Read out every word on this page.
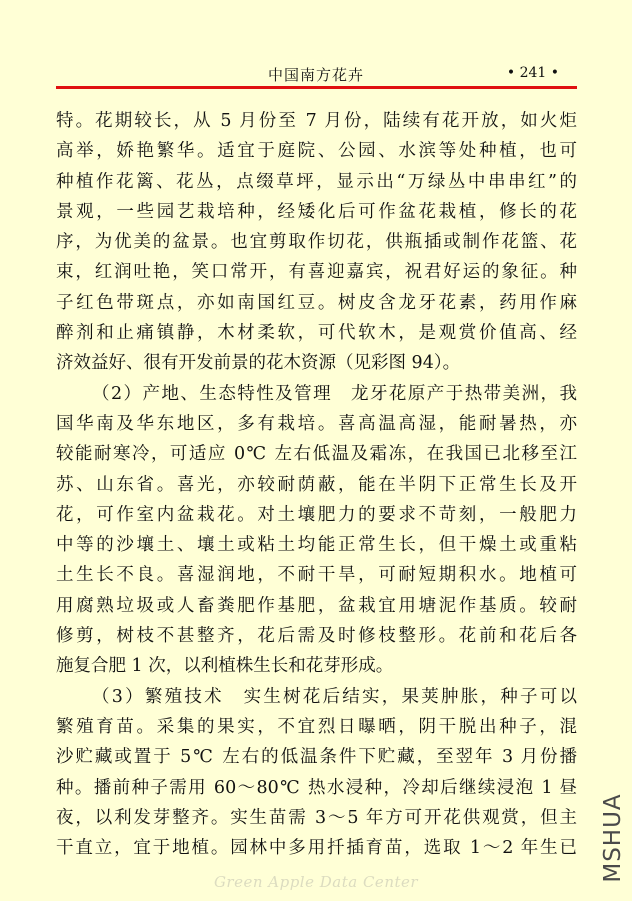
中国南方花卉	• 241 •
特。花期较长，从 5 月份至 7 月份，陆续有花开放，如火炬
高举，娇艳繁华。适宜于庭院、公园、水滨等处种植，也可
种植作花篱、花丛，点缀草坪，显示出“万绿丛中串串红”的
景观，一些园艺栽培种，经矮化后可作盆花栽植，修长的花
序，为优美的盆景。也宜剪取作切花，供瓶插或制作花篮、花
束，红润吐艳，笑口常开，有喜迎嘉宾，祝君好运的象征。种
子红色带斑点，亦如南国红豆。树皮含龙牙花素，药用作麻
醉剂和止痛镇静，木材柔软，可代软木，是观赏价值高、经
济效益好、很有开发前景的花木资源（见彩图 94）。
（2）产地、生态特性及管理　龙牙花原产于热带美洲，我
国华南及华东地区，多有栽培。喜高温高湿，能耐暑热，亦
较能耐寒冷，可适应 0℃ 左右低温及霜冻，在我国已北移至江
苏、山东省。喜光，亦较耐荫蔽，能在半阴下正常生长及开
花，可作室内盆栽花。对土壤肥力的要求不苛刻，一般肥力
中等的沙壤土、壤土或粘土均能正常生长，但干燥土或重粘
土生长不良。喜湿润地，不耐干旱，可耐短期积水。地植可
用腐熟垃圾或人畜粪肥作基肥，盆栽宜用塘泥作基质。较耐
修剪，树枝不甚整齐，花后需及时修枝整形。花前和花后各
施复合肥 1 次，以利植株生长和花芽形成。
（3）繁殖技术　实生树花后结实，果荚肿胀，种子可以
繁殖育苗。采集的果实，不宜烈日曝晒，阴干脱出种子，混
沙贮藏或置于 5℃ 左右的低温条件下贮藏，至翌年 3 月份播
种。播前种子需用 60～80℃ 热水浸种，冷却后继续浸泡 1 昼
夜，以利发芽整齐。实生苗需 3～5 年方可开花供观赏，但主
干直立，宜于地植。园林中多用扦插育苗，选取 1～2 年生已 MSHUA
Green Apple Data Center
